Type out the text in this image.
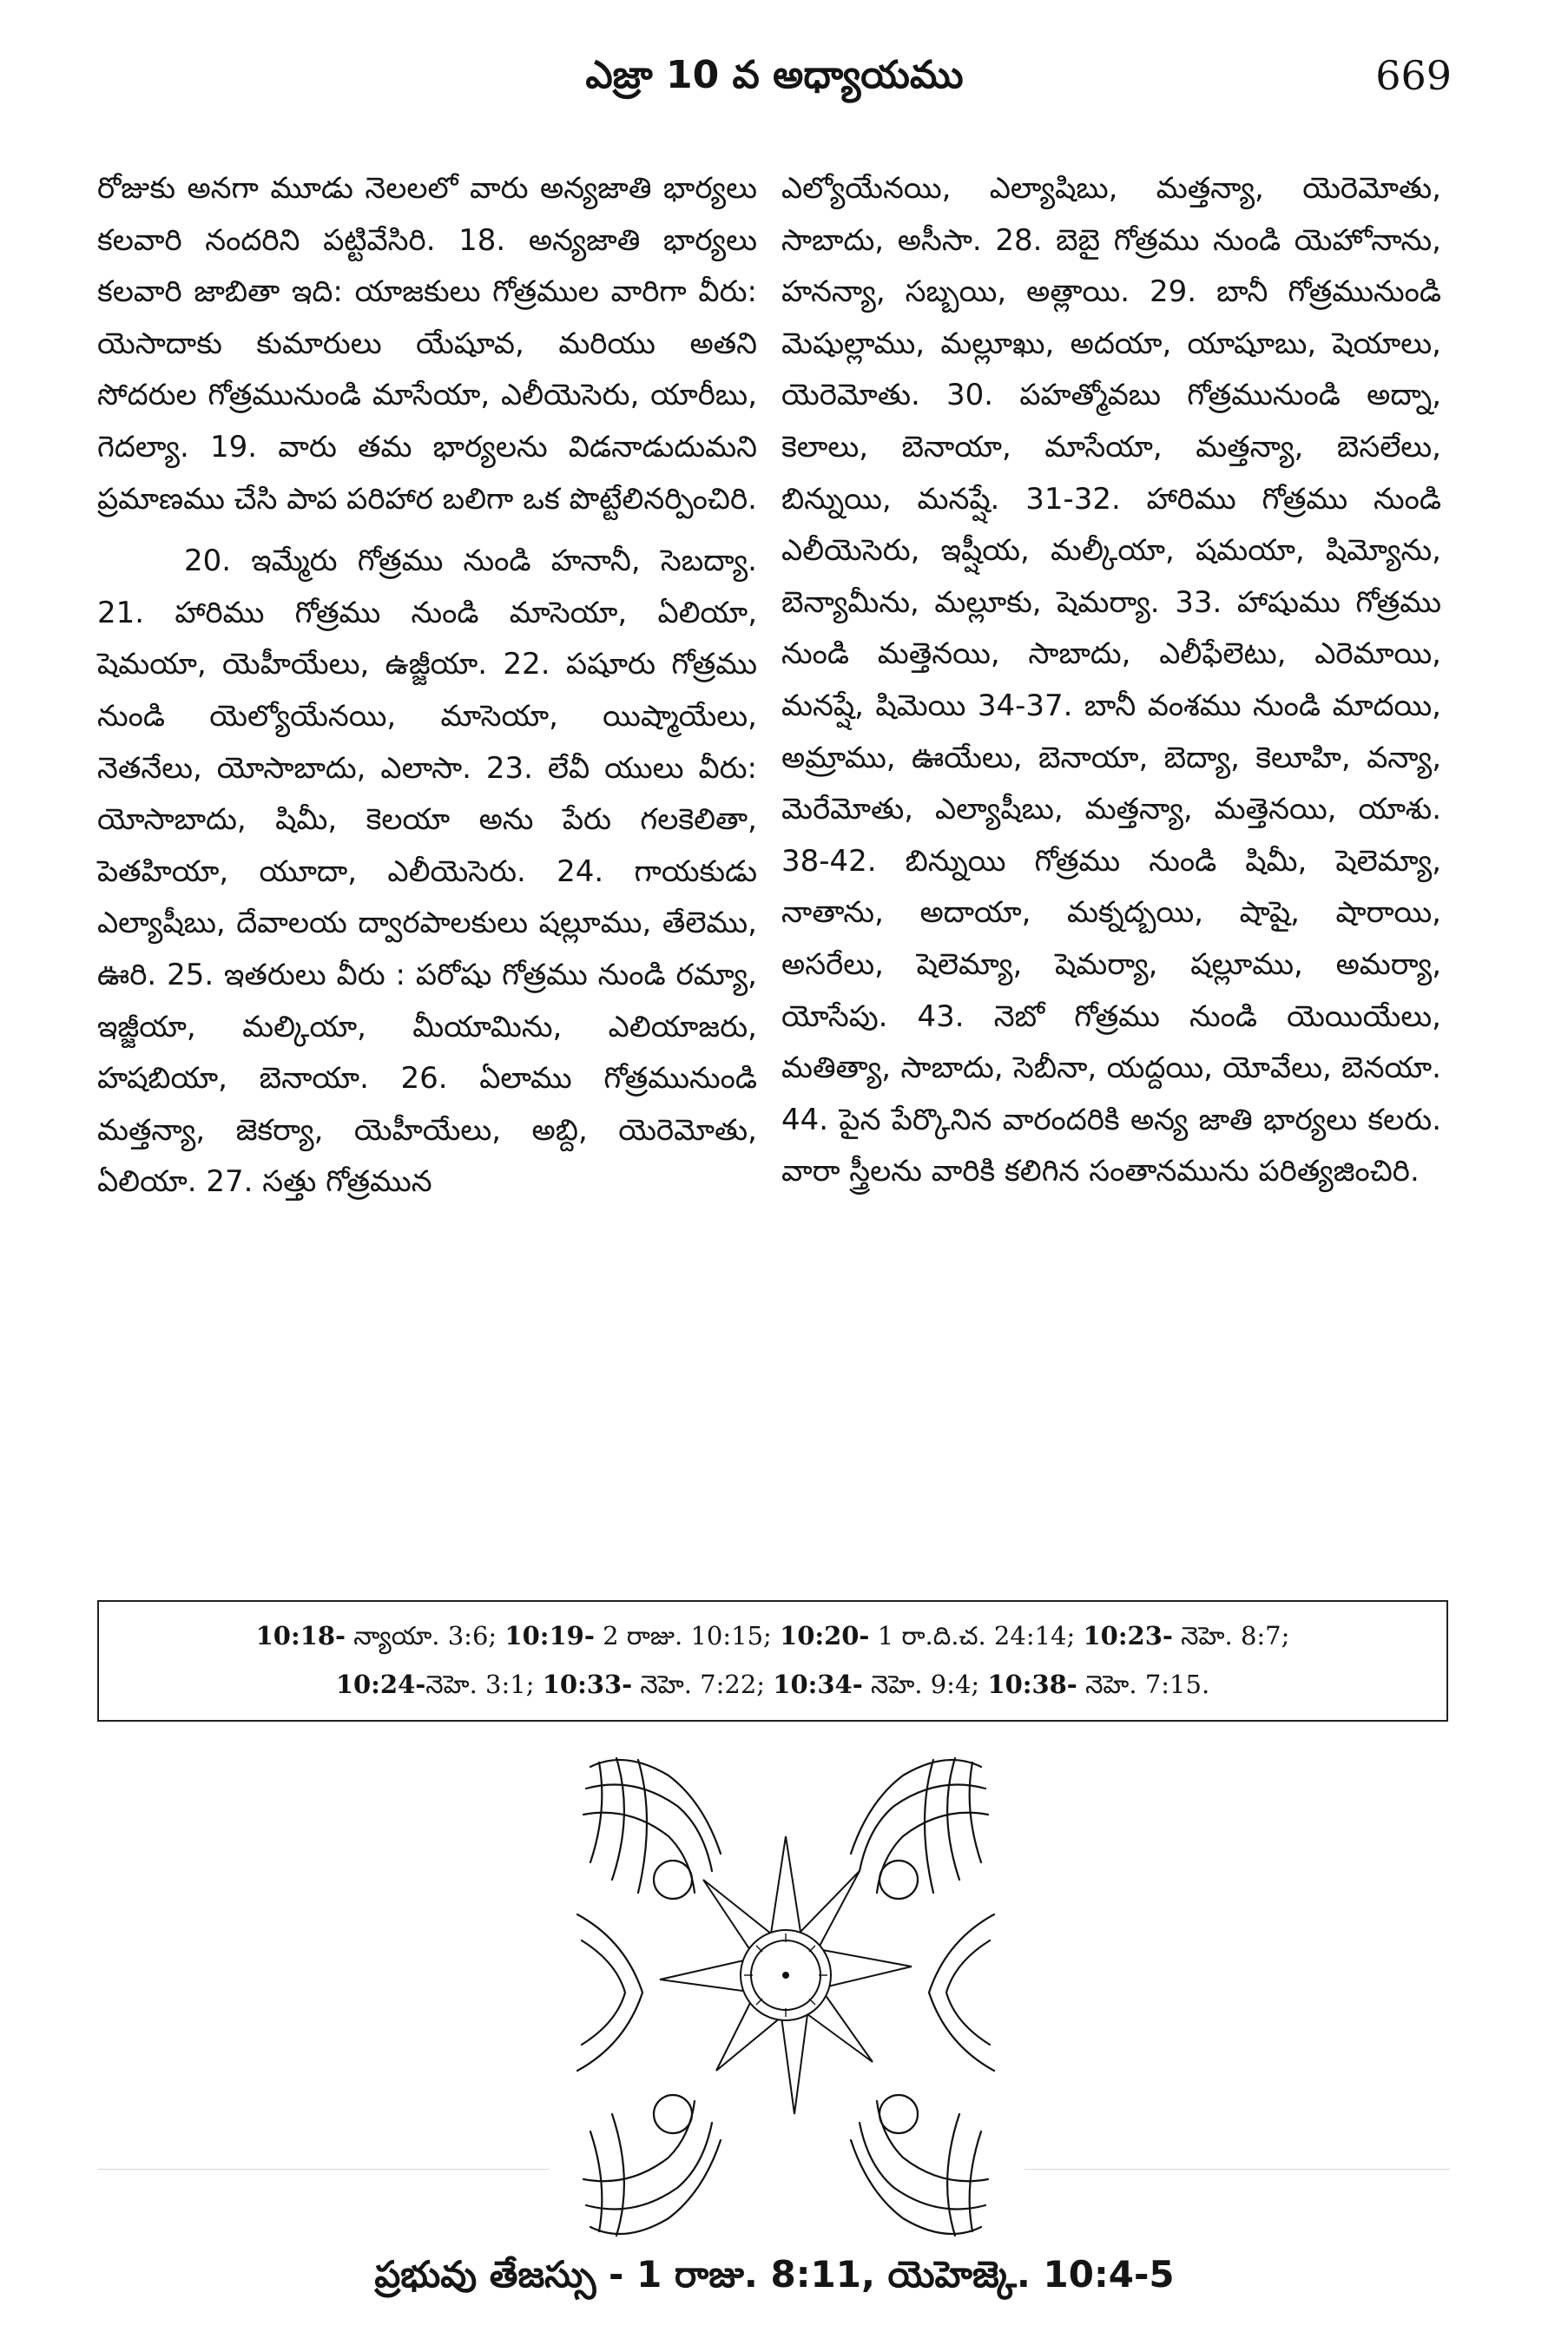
ఎజ్రా 10 వ అధ్యాయము	669

రోజుకు అనగా మూడు నెలలలో వారు అన్యజాతి భార్యలు కలవారి నందరిని పట్టివేసిరి. 18. అన్యజాతి భార్యలు కలవారి జాబితా ఇది: యాజకులు గోత్రముల వారిగా వీరు: యెసాదాకు కుమారులు యేషూవ, మరియు అతని సోదరుల గోత్రమునుండి మాసేయా, ఎలీయెసెరు, యారీబు, గెదల్యా. 19. వారు తమ భార్యలను విడనాడుదుమని ప్రమాణము చేసి పాప పరిహార బలిగా ఒక పొట్టేలినర్పించిరి.

20. ఇమ్మేరు గోత్రము నుండి హనానీ, సెబద్యా. 21. హారిము గోత్రము నుండి మాసెయా, ఏలియా, షెమయా, యెహీయేలు, ఉజ్జీయా. 22. పషూరు గోత్రము నుండి యెల్యోయేనయి, మాసెయా, యిష్మాయేలు, నెతనేలు, యోసాబాదు, ఎలాసా. 23. లేవీ యులు వీరు: యోసాబాదు, షిమీ, కెలయా అను పేరు గలకెలితా, పెతహియా, యూదా, ఎలీయెసెరు. 24. గాయకుడు ఎల్యాషీబు, దేవాలయ ద్వారపాలకులు షల్లూము, తేలెము, ఊరి. 25. ఇతరులు వీరు : పరోషు గోత్రము నుండి రమ్యా, ఇజ్జీయా, మల్కియా, మీయామిను, ఎలియాజరు, హషబియా, బెనాయా. 26. ఏలాము గోత్రమునుండి మత్తన్యా, జెకర్యా, యెహీయేలు, అబ్ది, యెరెమోతు, ఏలియా. 27. సత్తు గోత్రమున

ఎల్యోయేనయి, ఎల్యాషిబు, మత్తన్యా, యెరెమోతు, సాబాదు, అసీసా. 28. బెబై గోత్రము నుండి యెహోనాను, హనన్యా, సబ్బయి, అత్లాయి. 29. బానీ గోత్రమునుండి మెషుల్లాము, మల్లూఖు, అదయా, యాషూబు, షెయాలు, యెరెమోతు. 30. పహత్మోవబు గోత్రమునుండి అద్నా, కెలాలు, బెనాయా, మాసేయా, మత్తన్యా, బెసలేలు, బిన్నుయి, మనష్షే. 31-32. హారిము గోత్రము నుండి ఎలీయెసెరు, ఇష్షీయ, మల్కీయా, షమయా, షిమ్యోను, బెన్యామీను, మల్లూకు, షెమర్యా. 33. హాషుము గోత్రము నుండి మత్తెనయి, సాబాదు, ఎలీఫేలెటు, ఎరెమాయి, మనష్షే, షిమెయి 34-37. బానీ వంశము నుండి మాదయి, అమ్రాము, ఊయేలు, బెనాయా, బెద్యా, కెలూహి, వన్యా, మెరేమోతు, ఎల్యాషీబు, మత్తన్యా, మత్తెనయి, యాశు. 38-42. బిన్నుయి గోత్రము నుండి షిమీ, షెలెమ్యా, నాతాను, అదాయా, మక్నద్బయి, షాషై, షారాయి, అసరేలు, షెలెమ్యా, షెమర్యా, షల్లూము, అమర్యా, యోసేపు. 43. నెబో గోత్రము నుండి యెయియేలు, మతిత్యా, సాబాదు, సెబీనా, యద్దయి, యోవేలు, బెనయా. 44. పైన పేర్కొనిన వారందరికి అన్య జాతి భార్యలు కలరు. వారా స్త్రీలను వారికి కలిగిన సంతానమును పరిత్యజించిరి.

10:18- న్యాయా. 3:6; 10:19- 2 రాజు. 10:15; 10:20- 1 రా.ది.చ. 24:14; 10:23- నెహె. 8:7;
10:24-నెహె. 3:1; 10:33- నెహె. 7:22; 10:34- నెహె. 9:4; 10:38- నెహె. 7:15.
ప్రభువు తేజస్సు - 1 రాజు. 8:11, యెహెజ్కె. 10:4-5
